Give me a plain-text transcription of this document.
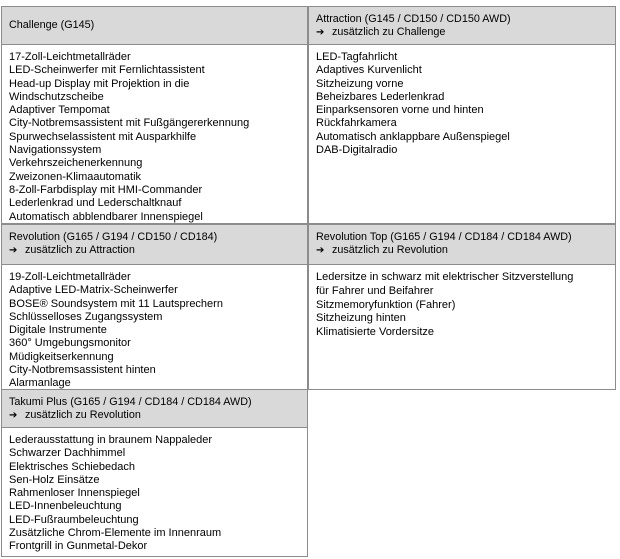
Challenge (G145)
17-Zoll-Leichtmetallräder
LED-Scheinwerfer mit Fernlichtassistent
Head-up Display mit Projektion in die
Windschutzscheibe
Adaptiver Tempomat
City-Notbremsassistent mit Fußgängererkennung
Spurwechselassistent mit Ausparkhilfe
Navigationssystem
Verkehrszeichenerkennung
Zweizonen-Klimaautomatik
8-Zoll-Farbdisplay mit HMI-Commander
Lederlenkrad und Lederschaltknauf
Automatisch abblendbarer Innenspiegel
Attraction (G145 / CD150 / CD150 AWD)
➔ zusätzlich zu Challenge
LED-Tagfahrlicht
Adaptives Kurvenlicht
Sitzheizung vorne
Beheizbares Lederlenkrad
Einparksensoren vorne und hinten
Rückfahrkamera
Automatisch anklappbare Außenspiegel
DAB-Digitalradio
Revolution (G165 / G194 / CD150 / CD184)
➔ zusätzlich zu Attraction
19-Zoll-Leichtmetallräder
Adaptive LED-Matrix-Scheinwerfer
BOSE® Soundsystem mit 11 Lautsprechern
Schlüsselloses Zugangssystem
Digitale Instrumente
360° Umgebungsmonitor
Müdigkeitserkennung
City-Notbremsassistent hinten
Alarmanlage
Revolution Top (G165 / G194 / CD184 / CD184 AWD)
➔ zusätzlich zu Revolution
Ledersitze in schwarz mit elektrischer Sitzverstellung
für Fahrer und Beifahrer
Sitzmemoryfunktion (Fahrer)
Sitzheizung hinten
Klimatisierte Vordersitze
Takumi Plus (G165 / G194 / CD184 / CD184 AWD)
➔ zusätzlich zu Revolution
Lederausstattung in braunem Nappaleder
Schwarzer Dachhimmel
Elektrisches Schiebedach
Sen-Holz Einsätze
Rahmenloser Innenspiegel
LED-Innenbeleuchtung
LED-Fußraumbeleuchtung
Zusätzliche Chrom-Elemente im Innenraum
Frontgrill in Gunmetal-Dekor
